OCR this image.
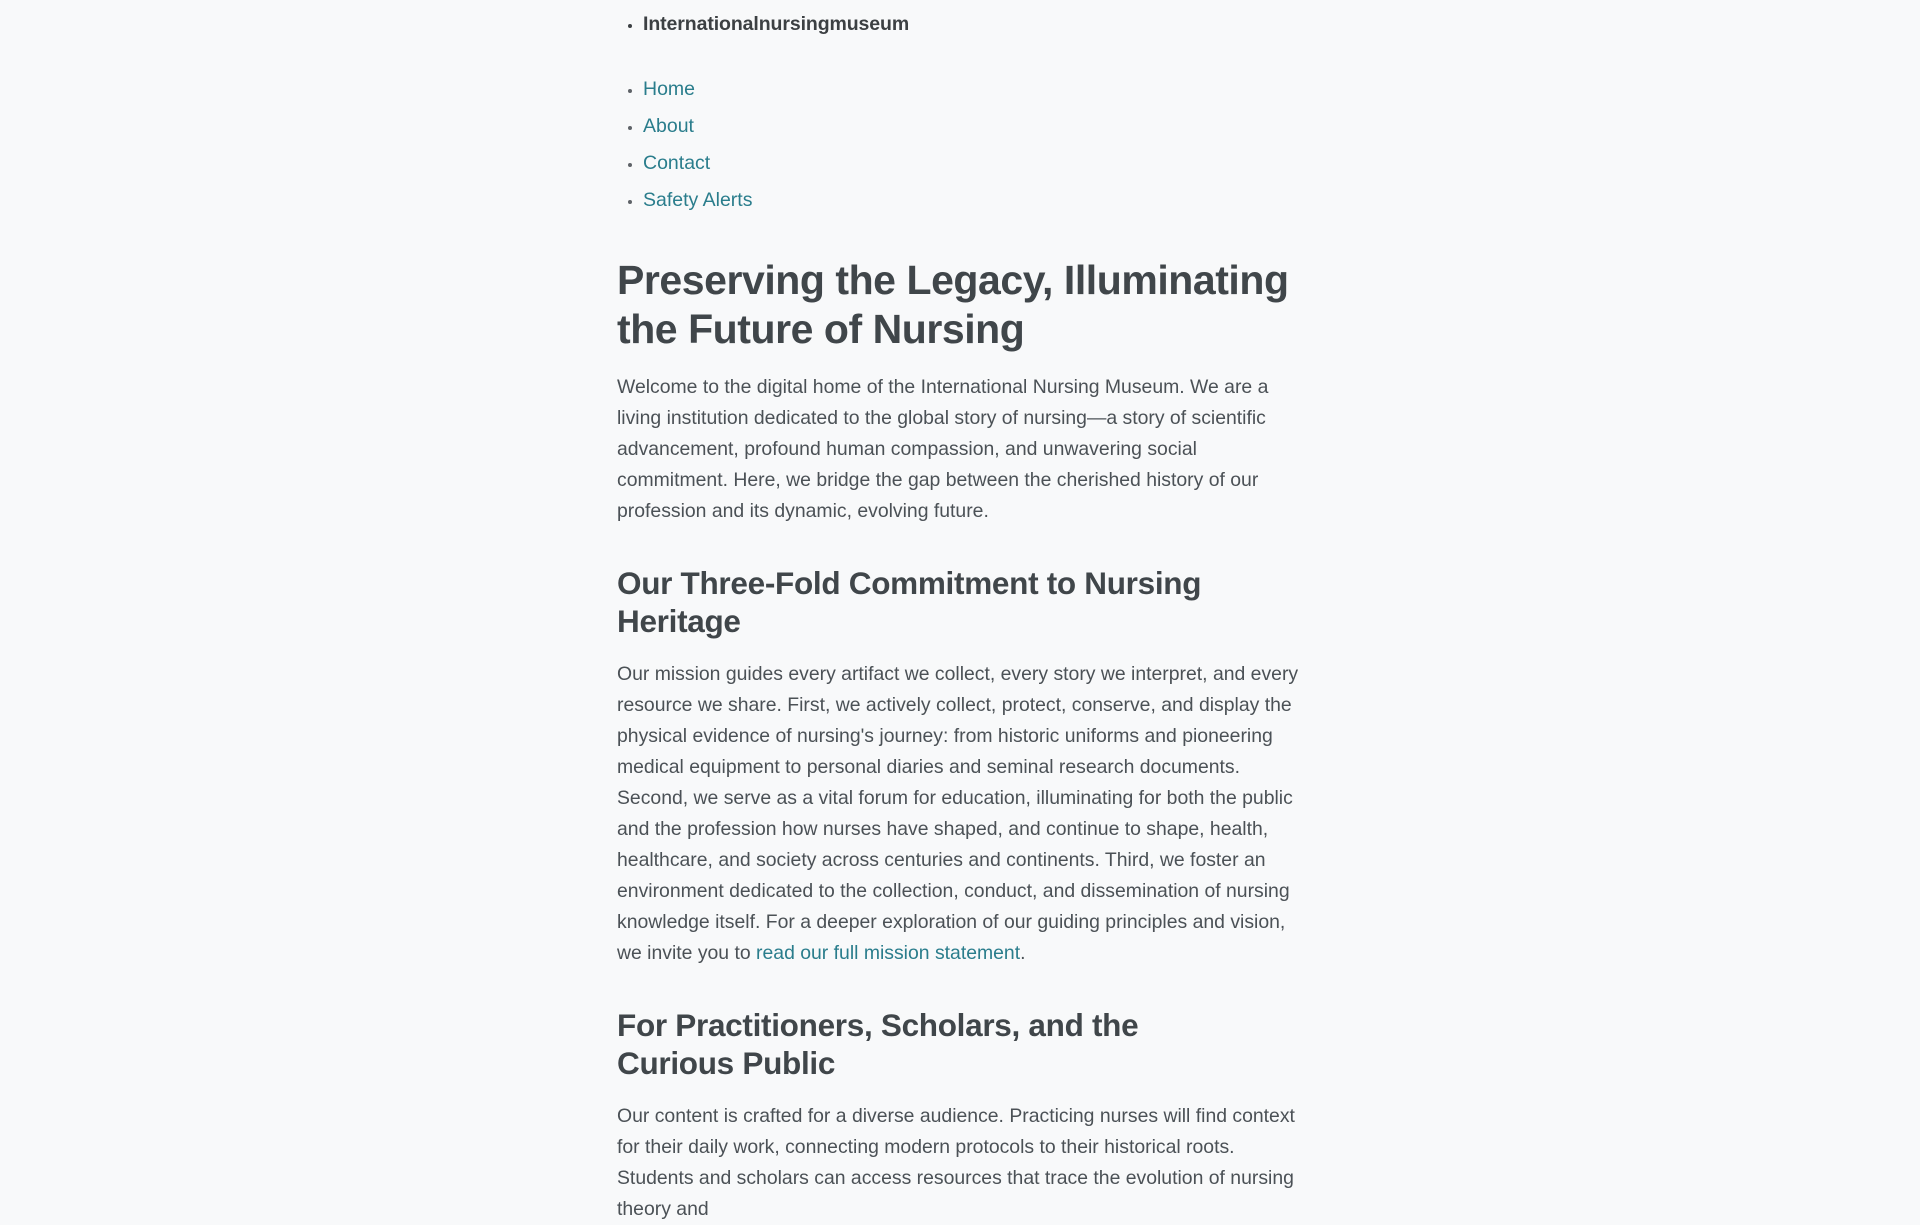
• Internationalnursingmuseum
• Home
• About
• Contact
• Safety Alerts
Preserving the Legacy, Illuminating the Future of Nursing

Welcome to the digital home of the International Nursing Museum. We are a living institution dedicated to the global story of nursing—a story of scientific advancement, profound human compassion, and unwavering social commitment. Here, we bridge the gap between the cherished history of our profession and its dynamic, evolving future.

Our Three-Fold Commitment to Nursing Heritage

Our mission guides every artifact we collect, every story we interpret, and every resource we share. First, we actively collect, protect, conserve, and display the physical evidence of nursing's journey: from historic uniforms and pioneering medical equipment to personal diaries and seminal research documents. Second, we serve as a vital forum for education, illuminating for both the public and the profession how nurses have shaped, and continue to shape, health, healthcare, and society across centuries and continents. Third, we foster an environment dedicated to the collection, conduct, and dissemination of nursing knowledge itself. For a deeper exploration of our guiding principles and vision, we invite you to read our full mission statement.

For Practitioners, Scholars, and the Curious Public

Our content is crafted for a diverse audience. Practicing nurses will find context for their daily work, connecting modern protocols to their historical roots. Students and scholars can access resources that trace the evolution of nursing theory and
